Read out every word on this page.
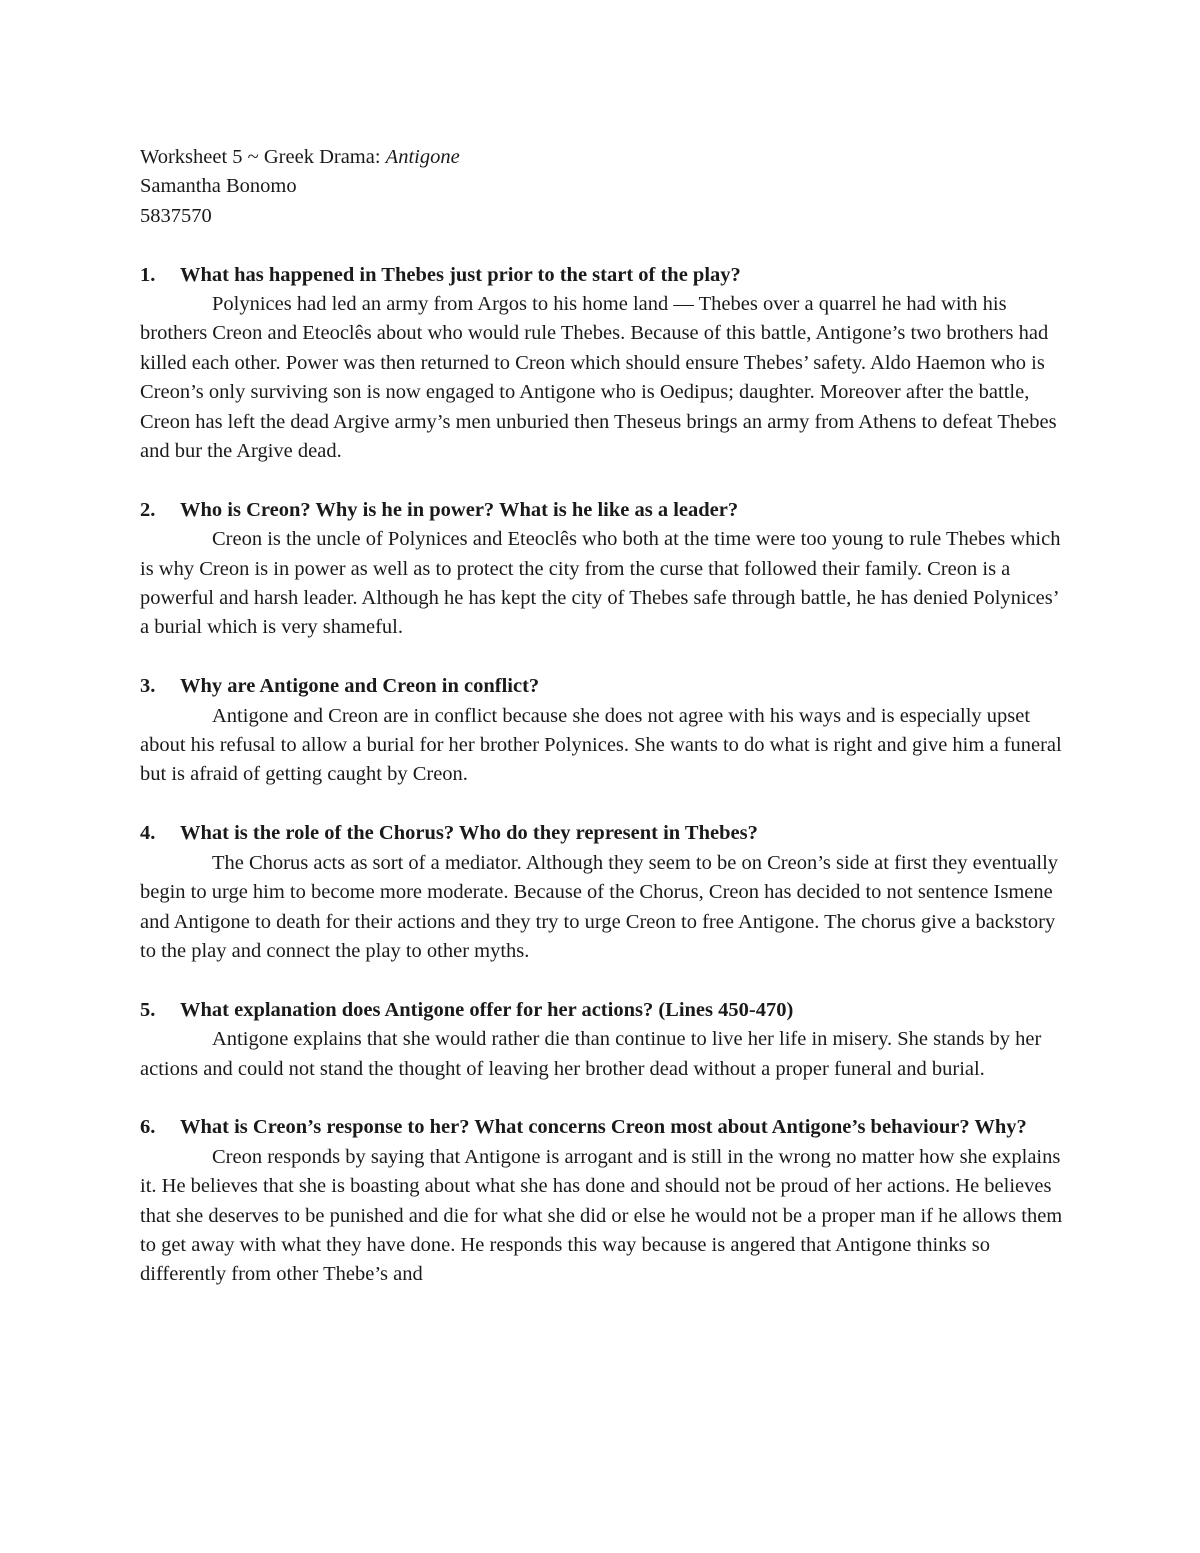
Worksheet 5 ~ Greek Drama: Antigone
Samantha Bonomo
5837570
1.	What has happened in Thebes just prior to the start of the play?

Polynices had led an army from Argos to his home land — Thebes over a quarrel he had with his brothers Creon and Eteoclês about who would rule Thebes. Because of this battle, Antigone’s two brothers had killed each other. Power was then returned to Creon which should ensure Thebes’ safety. Aldo Haemon who is Creon’s only surviving son is now engaged to Antigone who is Oedipus; daughter. Moreover after the battle, Creon has left the dead Argive army’s men unburied then Theseus brings an army from Athens to defeat Thebes and bur the Argive dead.

2.	Who is Creon? Why is he in power? What is he like as a leader?

Creon is the uncle of Polynices and Eteoclês who both at the time were too young to rule Thebes which is why Creon is in power as well as to protect the city from the curse that followed their family. Creon is a powerful and harsh leader. Although he has kept the city of Thebes safe through battle, he has denied Polynices’ a burial which is very shameful.

3.	Why are Antigone and Creon in conflict?

Antigone and Creon are in conflict because she does not agree with his ways and is especially upset about his refusal to allow a burial for her brother Polynices. She wants to do what is right and give him a funeral but is afraid of getting caught by Creon.

4.	What is the role of the Chorus? Who do they represent in Thebes?

The Chorus acts as sort of a mediator. Although they seem to be on Creon’s side at first they eventually begin to urge him to become more moderate. Because of the Chorus, Creon has decided to not sentence Ismene and Antigone to death for their actions and they try to urge Creon to free Antigone. The chorus give a backstory to the play and connect the play to other myths.

5.	What explanation does Antigone offer for her actions? (Lines 450-470)

Antigone explains that she would rather die than continue to live her life in misery. She stands by her actions and could not stand the thought of leaving her brother dead without a proper funeral and burial.

6.	What is Creon’s response to her? What concerns Creon most about Antigone’s behaviour? Why?

Creon responds by saying that Antigone is arrogant and is still in the wrong no matter how she explains it. He believes that she is boasting about what she has done and should not be proud of her actions. He believes that she deserves to be punished and die for what she did or else he would not be a proper man if he allows them to get away with what they have done. He responds this way because is angered that Antigone thinks so differently from other Thebe’s and
